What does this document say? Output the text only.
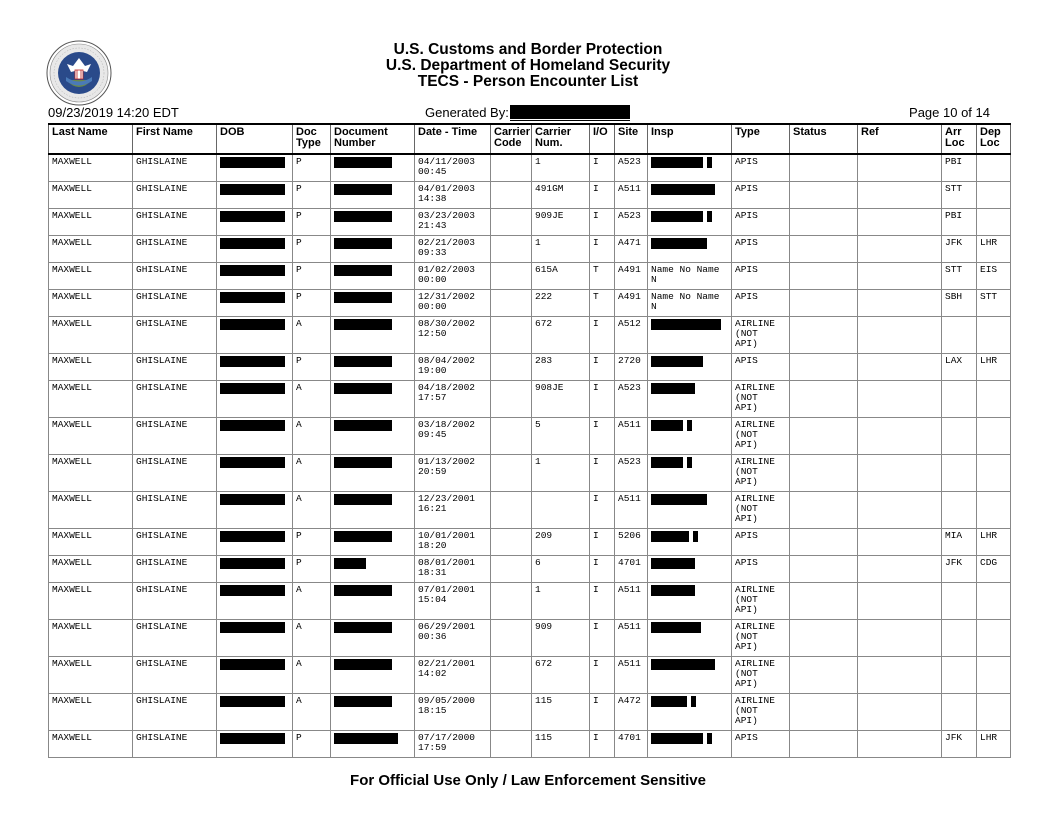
U.S. Customs and Border Protection
U.S. Department of Homeland Security
TECS - Person Encounter List
09/23/2019 14:20 EDT	Generated By:	Page 10 of 14
Last Name	First Name	DOB	Doc Type	Document Number	Date - Time	Carrier Code	Carrier Num.	I/O	Site	Insp	Type	Status	Ref	Arr Loc	Dep Loc
MAXWELL	GHISLAINE		P		04/11/2003 00:45		1	I	A523		APIS			PBI	
MAXWELL	GHISLAINE		P		04/01/2003 14:38		491GM	I	A511		APIS			STT	
MAXWELL	GHISLAINE		P		03/23/2003 21:43		909JE	I	A523		APIS			PBI	
MAXWELL	GHISLAINE		P		02/21/2003 09:33		1	I	A471		APIS			JFK	LHR
MAXWELL	GHISLAINE		P		01/02/2003 00:00		615A	T	A491	Name No Name N	APIS			STT	EIS
MAXWELL	GHISLAINE		P		12/31/2002 00:00		222	T	A491	Name No Name N	APIS			SBH	STT
MAXWELL	GHISLAINE		A		08/30/2002 12:50		672	I	A512		AIRLINE (NOT API)				
MAXWELL	GHISLAINE		P		08/04/2002 19:00		283	I	2720		APIS			LAX	LHR
MAXWELL	GHISLAINE		A		04/18/2002 17:57		908JE	I	A523		AIRLINE (NOT API)				
MAXWELL	GHISLAINE		A		03/18/2002 09:45		5	I	A511		AIRLINE (NOT API)				
MAXWELL	GHISLAINE		A		01/13/2002 20:59		1	I	A523		AIRLINE (NOT API)				
MAXWELL	GHISLAINE		A		12/23/2001 16:21			I	A511		AIRLINE (NOT API)				
MAXWELL	GHISLAINE		P		10/01/2001 18:20		209	I	5206		APIS			MIA	LHR
MAXWELL	GHISLAINE		P		08/01/2001 18:31		6	I	4701		APIS			JFK	CDG
MAXWELL	GHISLAINE		A		07/01/2001 15:04		1	I	A511		AIRLINE (NOT API)				
MAXWELL	GHISLAINE		A		06/29/2001 00:36		909	I	A511		AIRLINE (NOT API)				
MAXWELL	GHISLAINE		A		02/21/2001 14:02		672	I	A511		AIRLINE (NOT API)				
MAXWELL	GHISLAINE		A		09/05/2000 18:15		115	I	A472		AIRLINE (NOT API)				
MAXWELL	GHISLAINE		P		07/17/2000 17:59		115	I	4701		APIS			JFK	LHR
For Official Use Only / Law Enforcement Sensitive
